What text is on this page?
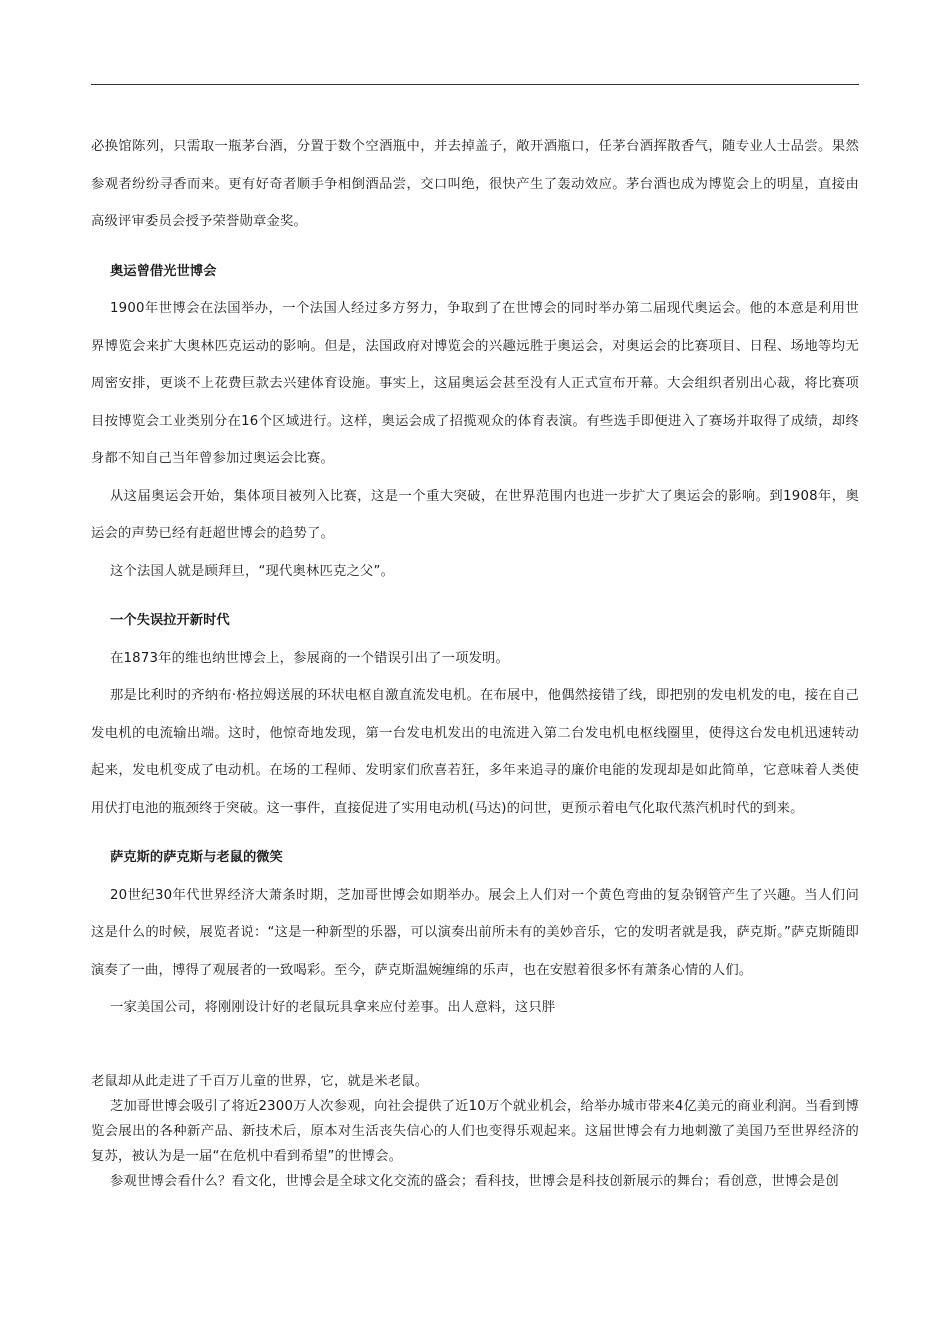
必换馆陈列，只需取一瓶茅台酒，分置于数个空酒瓶中，并去掉盖子，敞开酒瓶口，任茅台酒挥散香气，随专业人士品尝。果然参观者纷纷寻香而来。更有好奇者顺手争相倒酒品尝，交口叫绝，很快产生了轰动效应。茅台酒也成为博览会上的明星，直接由高级评审委员会授予荣誉勋章金奖。

奥运曾借光世博会

1900年世博会在法国举办，一个法国人经过多方努力，争取到了在世博会的同时举办第二届现代奥运会。他的本意是利用世界博览会来扩大奥林匹克运动的影响。但是，法国政府对博览会的兴趣远胜于奥运会，对奥运会的比赛项目、日程、场地等均无周密安排，更谈不上花费巨款去兴建体育设施。事实上，这届奥运会甚至没有人正式宣布开幕。大会组织者别出心裁，将比赛项目按博览会工业类别分在16个区域进行。这样，奥运会成了招揽观众的体育表演。有些选手即便进入了赛场并取得了成绩，却终身都不知自己当年曾参加过奥运会比赛。

从这届奥运会开始，集体项目被列入比赛，这是一个重大突破，在世界范围内也进一步扩大了奥运会的影响。到1908年，奥运会的声势已经有赶超世博会的趋势了。

这个法国人就是顾拜旦，“现代奥林匹克之父”。

一个失误拉开新时代

在1873年的维也纳世博会上，参展商的一个错误引出了一项发明。

那是比利时的齐纳布·格拉姆送展的环状电枢自激直流发电机。在布展中，他偶然接错了线，即把别的发电机发的电，接在自己发电机的电流输出端。这时，他惊奇地发现，第一台发电机发出的电流进入第二台发电机电枢线圈里，使得这台发电机迅速转动起来，发电机变成了电动机。在场的工程师、发明家们欣喜若狂，多年来追寻的廉价电能的发现却是如此简单，它意味着人类使用伏打电池的瓶颈终于突破。这一事件，直接促进了实用电动机(马达)的问世，更预示着电气化取代蒸汽机时代的到来。

萨克斯的萨克斯与老鼠的微笑

20世纪30年代世界经济大萧条时期，芝加哥世博会如期举办。展会上人们对一个黄色弯曲的复杂钢管产生了兴趣。当人们问这是什么的时候，展览者说：“这是一种新型的乐器，可以演奏出前所未有的美妙音乐，它的发明者就是我，萨克斯。”萨克斯随即演奏了一曲，博得了观展者的一致喝彩。至今，萨克斯温婉缠绵的乐声，也在安慰着很多怀有萧条心情的人们。

一家美国公司，将刚刚设计好的老鼠玩具拿来应付差事。出人意料，这只胖

老鼠却从此走进了千百万儿童的世界，它，就是米老鼠。

芝加哥世博会吸引了将近2300万人次参观，向社会提供了近10万个就业机会，给举办城市带来4亿美元的商业利润。当看到博览会展出的各种新产品、新技术后，原本对生活丧失信心的人们也变得乐观起来。这届世博会有力地刺激了美国乃至世界经济的复苏，被认为是一届“在危机中看到希望”的世博会。

参观世博会看什么？看文化，世博会是全球文化交流的盛会；看科技，世博会是科技创新展示的舞台；看创意，世博会是创
